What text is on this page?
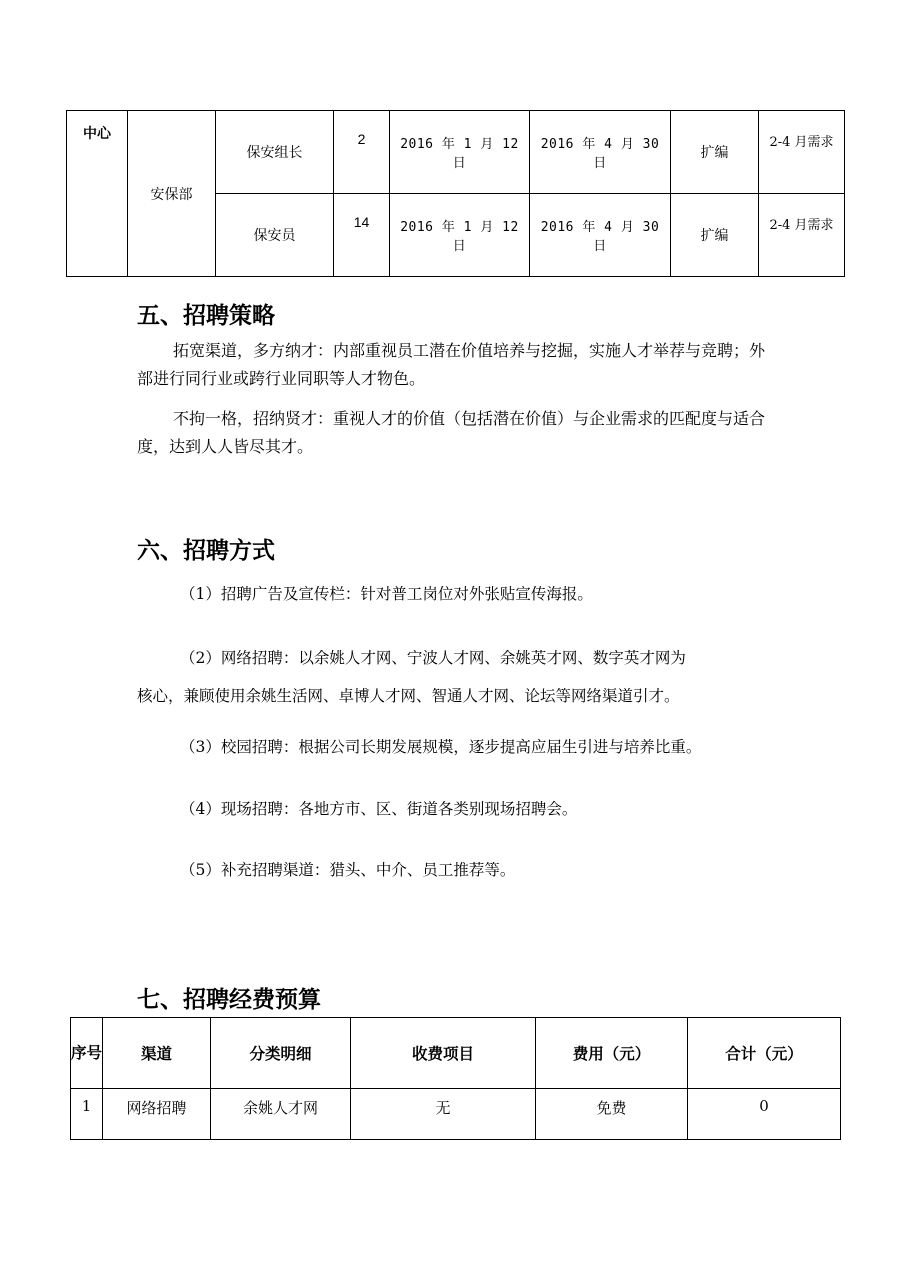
中心	安保部	保安组长	2	2016 年 1 月 12 日	2016 年 4 月 30 日	扩编	2-4 月需求
		保安员	14	2016 年 1 月 12 日	2016 年 4 月 30 日	扩编	2-4 月需求
五、招聘策略
拓宽渠道，多方纳才：内部重视员工潜在价值培养与挖掘，实施人才举荐与竞聘；外部进行同行业或跨行业同职等人才物色。
不拘一格，招纳贤才：重视人才的价值（包括潜在价值）与企业需求的匹配度与适合度，达到人人皆尽其才。
六、招聘方式
（1）招聘广告及宣传栏：针对普工岗位对外张贴宣传海报。
（2）网络招聘：以余姚人才网、宁波人才网、余姚英才网、数字英才网为
核心，兼顾使用余姚生活网、卓博人才网、智通人才网、论坛等网络渠道引才。
（3）校园招聘：根据公司长期发展规模，逐步提高应届生引进与培养比重。
（4）现场招聘：各地方市、区、街道各类别现场招聘会。
（5）补充招聘渠道：猎头、中介、员工推荐等。
七、招聘经费预算
序号	渠道	分类明细	收费项目	费用（元）	合计（元）
1	网络招聘	余姚人才网	无	免费	0
